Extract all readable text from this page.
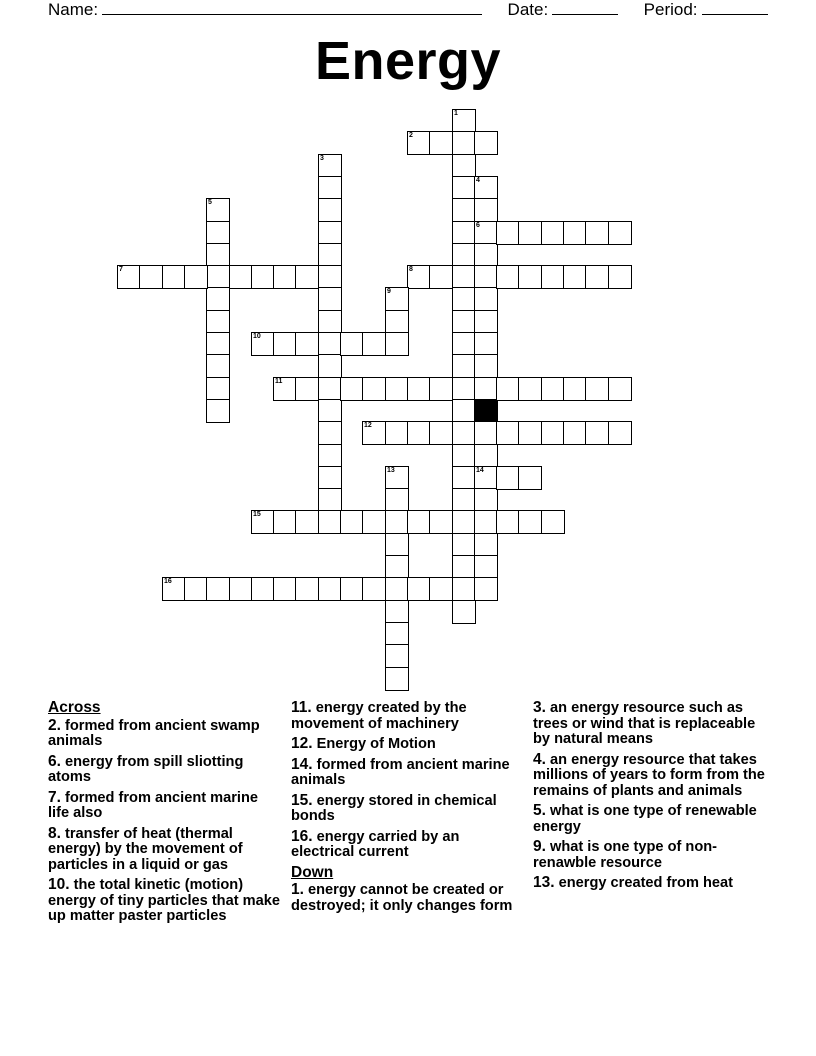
Name:	Date:	Period:
Energy
1
2
3
4
6
14
5
7	8
9
10
11
12
13
15
16
Across
2. formed from ancient swamp animals
6. energy from spill sliotting atoms
7. formed from ancient marine life also
8. transfer of heat (thermal energy) by the movement of particles in a liquid or gas
10. the total kinetic (motion) energy of tiny particles that make up matter paster particles
11. energy created by the movement of machinery
12. Energy of Motion
14. formed from ancient marine animals
15. energy stored in chemical bonds
16. energy carried by an electrical current
Down
1. energy cannot be created or destroyed; it only changes form
3. an energy resource such as trees or wind that is replaceable by natural means
4. an energy resource that takes millions of years to form from the remains of plants and animals
5. what is one type of renewable energy
9. what is one type of non-renawble resource
13. energy created from heat
